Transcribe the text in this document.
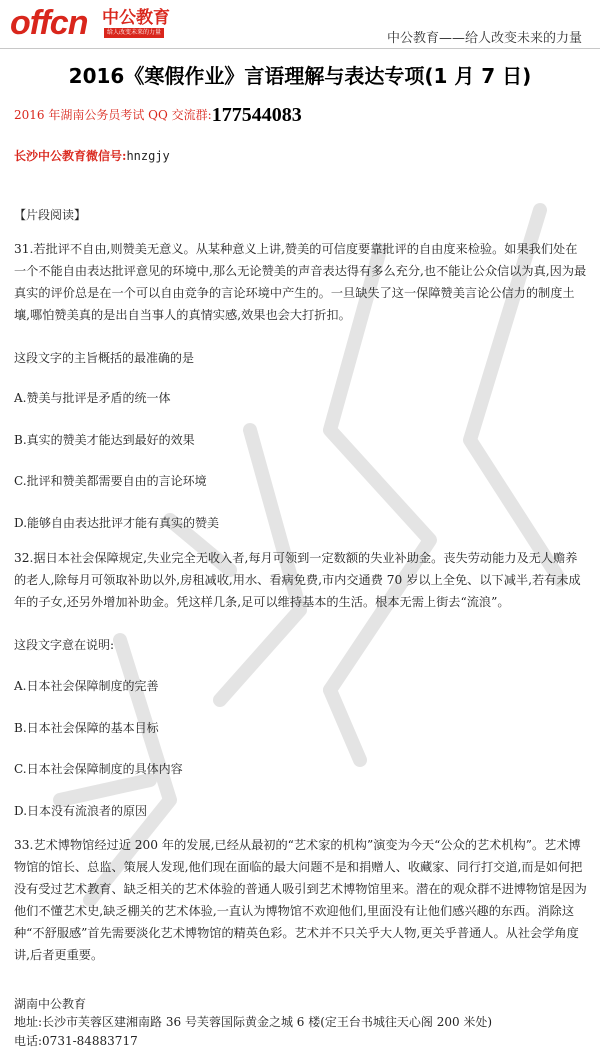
offcn 中公教育
给人改变未来的力量	中公教育——给人改变未来的力量
2016《寒假作业》言语理解与表达专项(1 月 7 日)
2016 年湖南公务员考试 QQ 交流群:177544083
长沙中公教育微信号:hnzgjy
【片段阅读】
31.若批评不自由,则赞美无意义。从某种意义上讲,赞美的可信度要靠批评的自由度来检验。如果我们处在一个不能自由表达批评意见的环境中,那么无论赞美的声音表达得有多么充分,也不能让公众信以为真,因为最真实的评价总是在一个可以自由竞争的言论环境中产生的。一旦缺失了这一保障赞美言论公信力的制度土壤,哪怕赞美真的是出自当事人的真情实感,效果也会大打折扣。
这段文字的主旨概括的最准确的是
A.赞美与批评是矛盾的统一体
B.真实的赞美才能达到最好的效果
C.批评和赞美都需要自由的言论环境
D.能够自由表达批评才能有真实的赞美
32.据日本社会保障规定,失业完全无收入者,每月可领到一定数额的失业补助金。丧失劳动能力及无人赡养的老人,除每月可领取补助以外,房租减收,用水、看病免费,市内交通费 70 岁以上全免、以下减半,若有未成年的子女,还另外增加补助金。凭这样几条,足可以维持基本的生活。根本无需上街去“流浪”。
这段文字意在说明:
A.日本社会保障制度的完善
B.日本社会保障的基本目标
C.日本社会保障制度的具体内容
D.日本没有流浪者的原因
33.艺术博物馆经过近 200 年的发展,已经从最初的“艺术家的机构”演变为今天“公众的艺术机构”。艺术博物馆的馆长、总监、策展人发现,他们现在面临的最大问题不是和捐赠人、收藏家、同行打交道,而是如何把没有受过艺术教育、缺乏相关的艺术体验的普通人吸引到艺术博物馆里来。潜在的观众群不进博物馆是因为他们不懂艺术史,缺乏棚关的艺术体验,一直认为博物馆不欢迎他们,里面没有让他们感兴趣的东西。消除这种“不舒服感”首先需要淡化艺术博物馆的精英色彩。艺术并不只关乎大人物,更关乎普通人。从社会学角度讲,后者更重要。
湖南中公教育
地址:长沙市芙蓉区建湘南路 36 号芙蓉国际黄金之城 6 楼(定王台书城往天心阁 200 米处)
电话:0731-84883717
